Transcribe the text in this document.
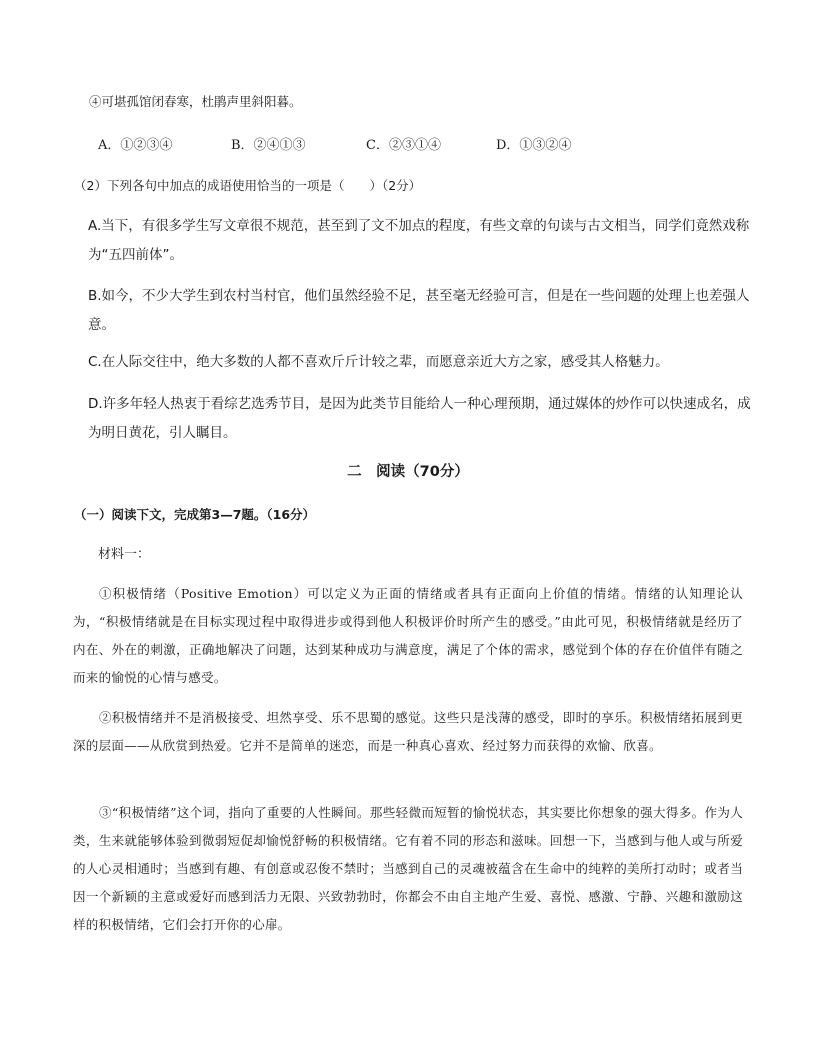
④可堪孤馆闭春寒，杜鹃声里斜阳暮。

A．①②③④	B．②④①③	C．②③①④	D．①③②④

（2）下列各句中加点的成语使用恰当的一项是（　　）（2分）

A.当下，有很多学生写文章很不规范，甚至到了文不加点的程度，有些文章的句读与古文相当，同学们竟然戏称为“五四前体”。

B.如今，不少大学生到农村当村官，他们虽然经验不足，甚至毫无经验可言，但是在一些问题的处理上也差强人意。

C.在人际交往中，绝大多数的人都不喜欢斤斤计较之辈，而愿意亲近大方之家，感受其人格魅力。

D.许多年轻人热衷于看综艺选秀节目，是因为此类节目能给人一种心理预期，通过媒体的炒作可以快速成名，成为明日黄花，引人瞩目。

二　阅读（70分）

（一）阅读下文，完成第3—7题。（16分）

材料一：

①积极情绪（Positive Emotion）可以定义为正面的情绪或者具有正面向上价值的情绪。情绪的认知理论认为，“积极情绪就是在目标实现过程中取得进步或得到他人积极评价时所产生的感受。”由此可见，积极情绪就是经历了内在、外在的刺激，正确地解决了问题，达到某种成功与满意度，满足了个体的需求，感觉到个体的存在价值伴有随之而来的愉悦的心情与感受。

②积极情绪并不是消极接受、坦然享受、乐不思蜀的感觉。这些只是浅薄的感受，即时的享乐。积极情绪拓展到更深的层面——从欣赏到热爱。它并不是简单的迷恋，而是一种真心喜欢、经过努力而获得的欢愉、欣喜。

③“积极情绪”这个词，指向了重要的人性瞬间。那些轻微而短暂的愉悦状态，其实要比你想象的强大得多。作为人类，生来就能够体验到微弱短促却愉悦舒畅的积极情绪。它有着不同的形态和滋味。回想一下，当感到与他人或与所爱的人心灵相通时；当感到有趣、有创意或忍俊不禁时；当感到自己的灵魂被蕴含在生命中的纯粹的美所打动时；或者当因一个新颖的主意或爱好而感到活力无限、兴致勃勃时，你都会不由自主地产生爱、喜悦、感激、宁静、兴趣和激励这样的积极情绪，它们会打开你的心扉。
